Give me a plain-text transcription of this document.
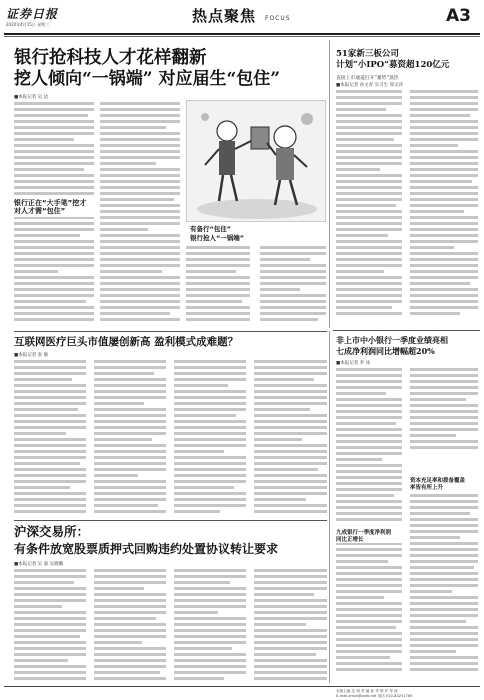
证券日报
2020年4月15日 星期三	热点聚焦 FOCUS	A3
银行抢科技人才花样翻新
挖人倾向“一锅端” 对应届生“包住”
■本报记者 吴 边
银行正在“大手笔”挖才
对人才需“包住”
有备行“包住”
银行抢人“一锅端”
51家新三板公司
计划“小IPO”募资超120亿元
直接上市通道打开“蓄势”蒸热
■本报记者 孙文青 实习生 邹文萍
非上市中小银行一季度业绩亮相
七成净利润同比增幅超20%
■本报记者 李 冰
资本充足率和拨备覆盖
率皆有所上升
九成银行一季度净利润
同比正增长
互联网医疗巨头市值屡创新高 盈利模式成难题？
■本报记者 张 敏
沪深交易所：
有条件放宽股票质押式回购违约处置协议转让要求
■本报记者 吴 嘉 吴晓璐
本版主编 沈 明 责 编 孙 华 制 作 李 波
E-mail:zmzx@zqrb.net 电话 010-83251785
